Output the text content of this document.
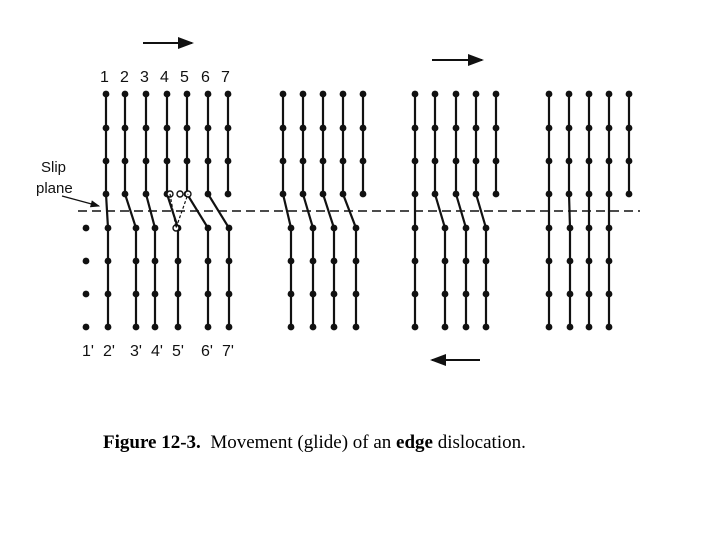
Slip
plane
1 2 3 4 5 6 7
1' 2' 3' 4' 5' 6' 7'
Figure 12-3. Movement (glide) of an edge dislocation.
